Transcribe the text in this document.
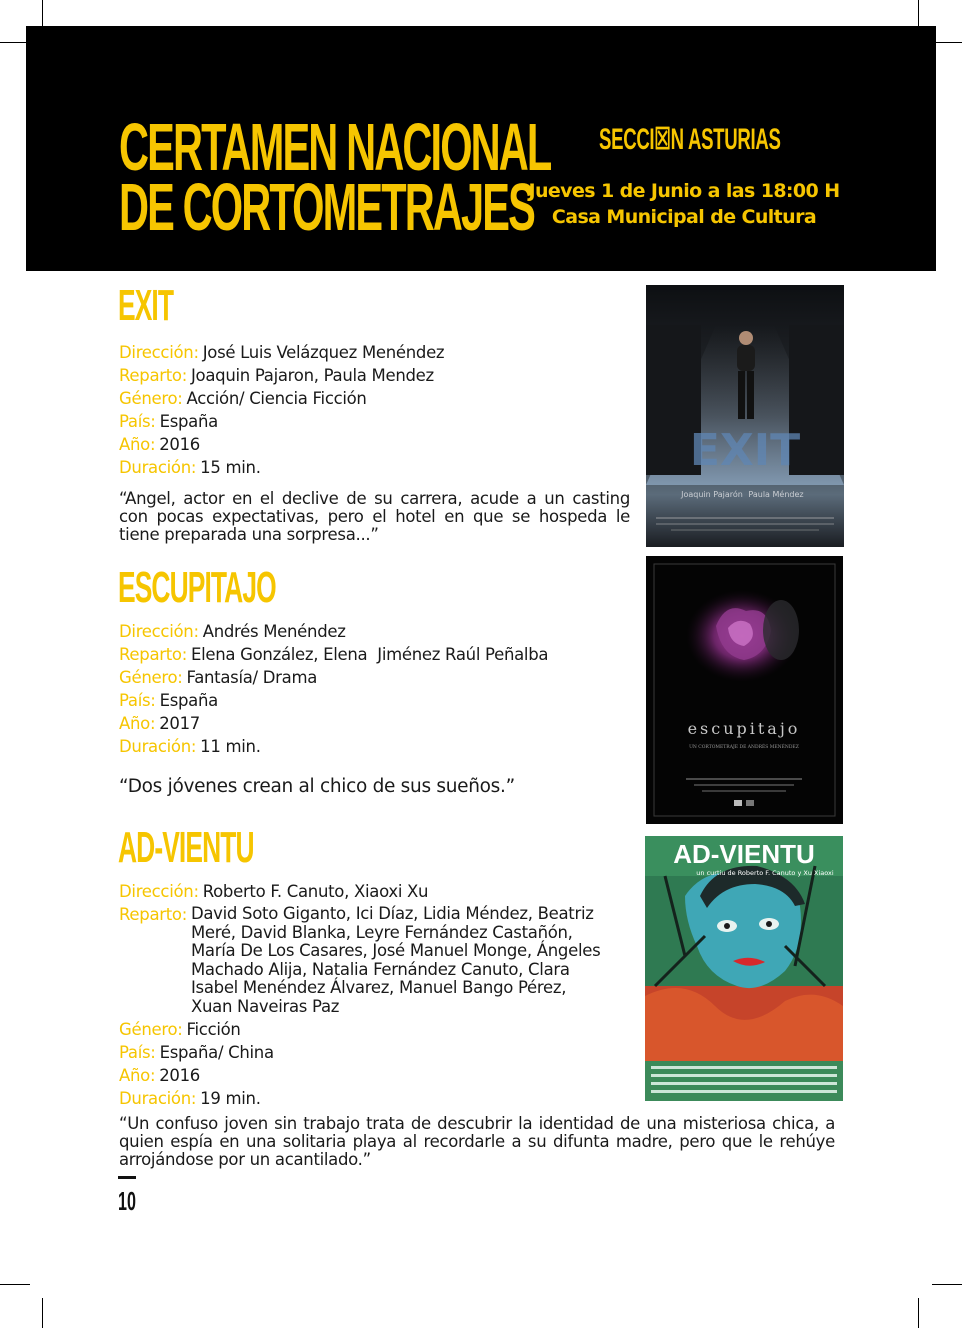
CERTAMEN NACIONAL
DE CORTOMETRAJES
SECCI☒N ASTURIAS
Jueves 1 de Junio a las 18:00 H
Casa Municipal de Cultura
EXIT
Dirección: José Luis Velázquez Menéndez
Reparto: Joaquin Pajaron, Paula Mendez
Género: Acción/ Ciencia Ficción
País: España
Año: 2016
Duración: 15 min.
“Angel, actor en el declive de su carrera, acude a un casting con pocas expectativas, pero el hotel en que se hospeda le tiene preparada una sorpresa...”
EXIT
Joaquin Pajarón Paula Méndez
ESCUPITAJO
Dirección: Andrés Menéndez
Reparto: Elena González, Elena  Jiménez Raúl Peñalba
Género: Fantasía/ Drama
País: España
Año: 2017
Duración: 11 min.
“Dos jóvenes crean al chico de sus sueños.”
escupitajo
UN CORTOMETRAJE DE ANDRÉS MENÉNDEZ
AD-VIENTU
Dirección: Roberto F. Canuto, Xiaoxi Xu
Reparto: David Soto Giganto, Ici Díaz, Lidia Méndez, Beatriz Meré, David Blanka, Leyre Fernández Castañón, María De Los Casares, José Manuel Monge, Ángeles Machado Alija, Natalia Fernández Canuto, Clara Isabel Menéndez Álvarez, Manuel Bango Pérez, Xuan Naveiras Paz
Género: Ficción
País: España/ China
Año: 2016
Duración: 19 min.
“Un confuso joven sin trabajo trata de descubrir la identidad de una misteriosa chica, a quien espía en una solitaria playa al recordarle a su difunta madre, pero que le rehúye arrojándose por un acantilado.”
AD-VIENTU
un curtiu de Roberto F. Canuto y Xu Xiaoxi
10
